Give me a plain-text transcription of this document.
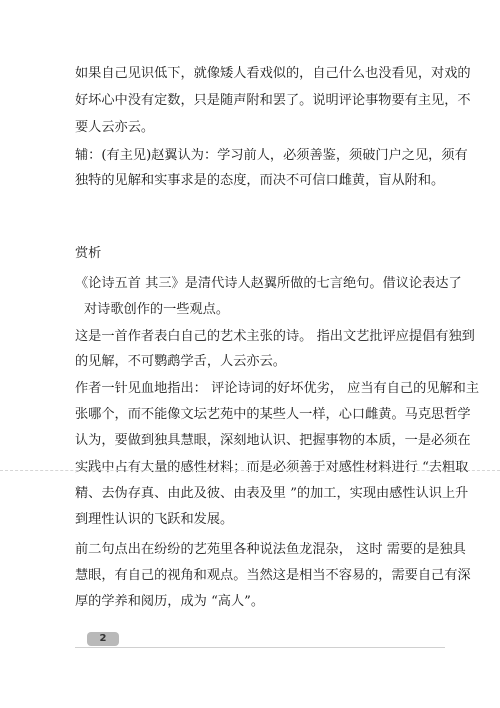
如果自己见识低下，就像矮人看戏似的，自己什么也没看见，对戏的
好坏心中没有定数，只是随声附和罢了。说明评论事物要有主见，不
要人云亦云。
辅：(有主见)赵翼认为：学习前人，必须善鉴，须破门户之见，须有
独特的见解和实事求是的态度，而决不可信口雌黄，盲从附和。
赏析
《论诗五首 其三》是清代诗人赵翼所做的七言绝句。借议论表达了
对诗歌创作的一些观点。
这是一首作者表白自己的艺术主张的诗。 指出文艺批评应提倡有独到
的见解，不可鹦鹉学舌，人云亦云。
作者一针见血地指出： 评论诗词的好坏优劣， 应当有自己的见解和主
张哪个，而不能像文坛艺苑中的某些人一样，心口雌黄。马克思哲学
认为，要做到独具慧眼，深刻地认识、把握事物的本质，一是必须在
实践中占有大量的感性材料；而是必须善于对感性材料进行 “去粗取
精、去伪存真、由此及彼、由表及里 ”的加工，实现由感性认识上升
到理性认识的飞跃和发展。
前二句点出在纷纷的艺苑里各种说法鱼龙混杂， 这时 需要的是独具
慧眼，有自己的视角和观点。当然这是相当不容易的，需要自己有深
厚的学养和阅历，成为 “高人”。
2
